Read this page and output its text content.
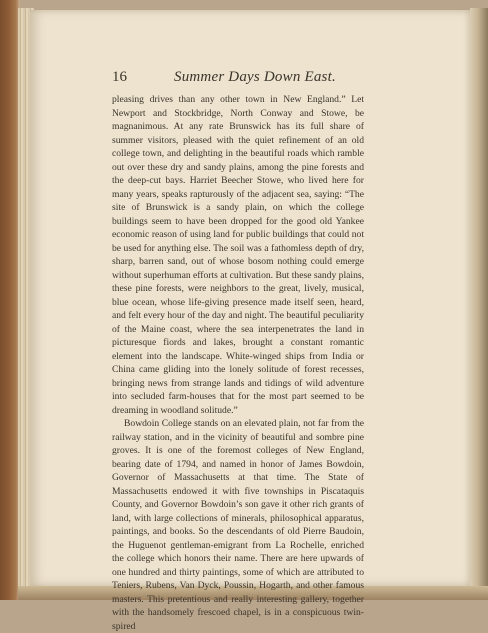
16	Summer Days Down East.

pleasing drives than any other town in New England.” Let Newport and Stockbridge, North Conway and Stowe, be magnanimous. At any rate Brunswick has its full share of summer visitors, pleased with the quiet refinement of an old college town, and delighting in the beautiful roads which ramble out over these dry and sandy plains, among the pine forests and the deep-cut bays. Harriet Beecher Stowe, who lived here for many years, speaks rapturously of the adjacent sea, saying: “The site of Brunswick is a sandy plain, on which the college buildings seem to have been dropped for the good old Yankee economic reason of using land for public buildings that could not be used for anything else. The soil was a fathomless depth of dry, sharp, barren sand, out of whose bosom nothing could emerge without superhuman efforts at cultivation. But these sandy plains, these pine forests, were neighbors to the great, lively, musical, blue ocean, whose life-giving presence made itself seen, heard, and felt every hour of the day and night. The beautiful peculiarity of the Maine coast, where the sea interpenetrates the land in picturesque fiords and lakes, brought a constant romantic element into the landscape. White-winged ships from India or China came gliding into the lonely solitude of forest recesses, bringing news from strange lands and tidings of wild adventure into secluded farm-houses that for the most part seemed to be dreaming in woodland solitude.”

Bowdoin College stands on an elevated plain, not far from the railway station, and in the vicinity of beautiful and sombre pine groves. It is one of the foremost colleges of New England, bearing date of 1794, and named in honor of James Bowdoin, Governor of Massachusetts at that time. The State of Massachusetts endowed it with five townships in Piscataquis County, and Governor Bowdoin’s son gave it other rich grants of land, with large collections of minerals, philosophical apparatus, paintings, and books. So the descendants of old Pierre Baudoin, the Huguenot gentleman-emigrant from La Rochelle, enriched the college which honors their name. There are here upwards of one hundred and thirty paintings, some of which are attributed to Teniers, Rubens, Van Dyck, Poussin, Hogarth, and other famous masters. This pretentious and really interesting gallery, together with the handsomely frescoed chapel, is in a conspicuous twin-spired
